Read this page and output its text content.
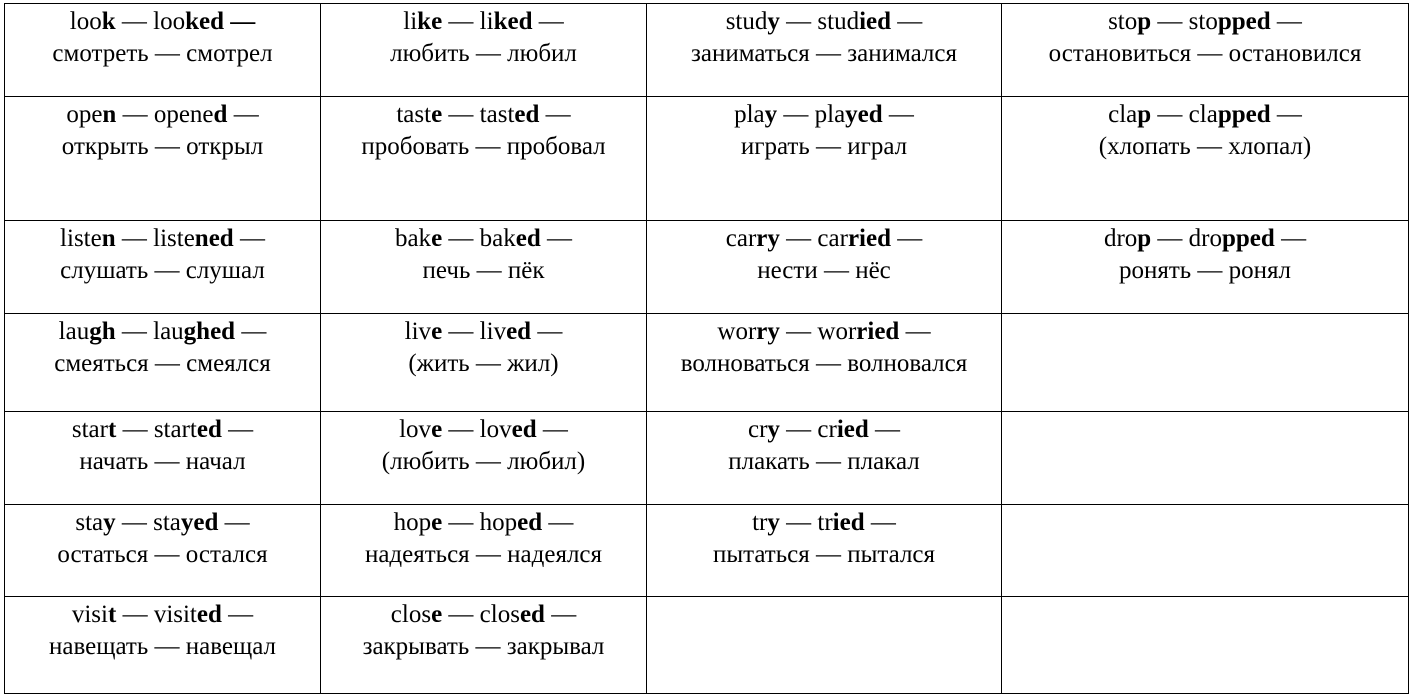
look — looked —
смотреть — смотрел	like — liked —
любить — любил	study — studied —
заниматься — занимался	stop — stopped —
остановиться — остановился

open — opened —
открыть — открыл	taste — tasted —
пробовать — пробовал	play — played —
играть — играл	clap — clapped —
(хлопать — хлопал)

listen — listened —
слушать — слушал	bake — baked —
печь — пёк	carry — carried —
нести — нёс	drop — dropped —
ронять — ронял

laugh — laughed —
смеяться — смеялся	live — lived —
(жить — жил)	worry — worried —
волноваться — волновался	

start — started —
начать — начал	love — loved —
(любить — любил)	cry — cried —
плакать — плакал	

stay — stayed —
остаться — остался	hope — hoped —
надеяться — надеялся	try — tried —
пытаться — пытался	

visit — visited —
навещать — навещал	close — closed —
закрывать — закрывал		
